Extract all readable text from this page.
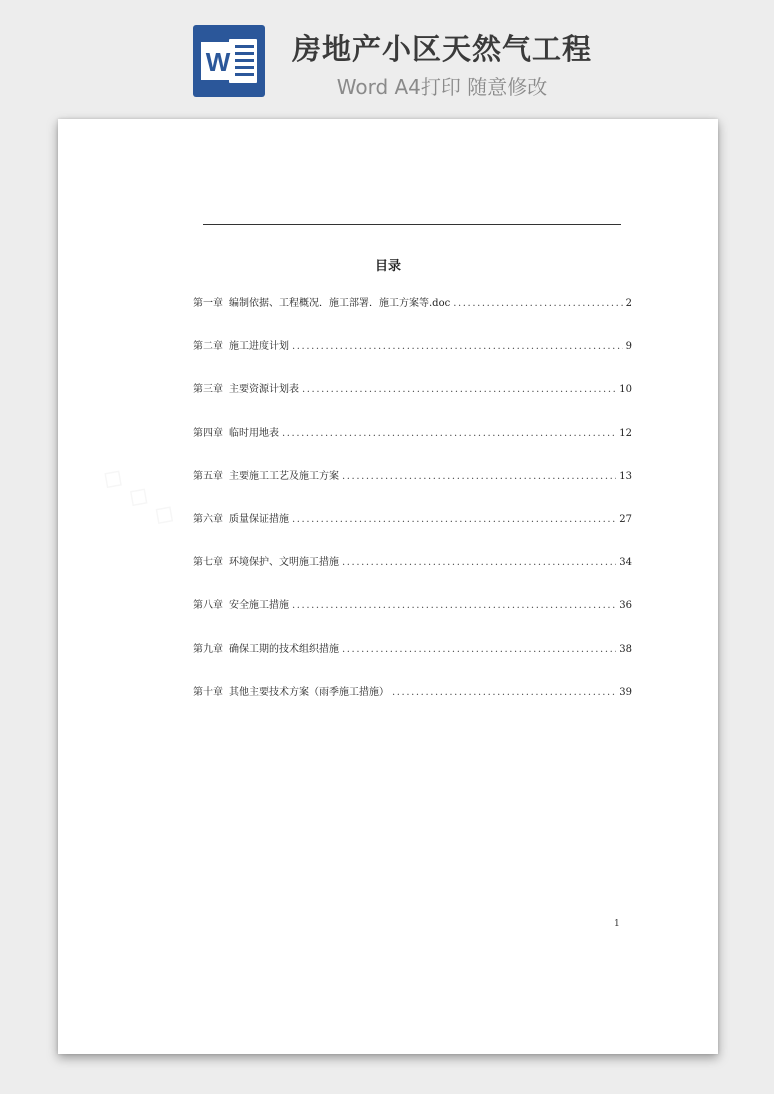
W	房地产小区天然气工程
Word A4打印 随意修改
目录
第一章 编制依据、工程概况．施工部署．施工方案等.doc .....	2
第二章 施工进度计划 .....	9
第三章 主要资源计划表 .....	10
第四章 临时用地表 .....	12
第五章 主要施工工艺及施工方案 .....	13
第六章 质量保证措施 .....	27
第七章 环境保护、文明施工措施 .....	34
第八章 安全施工措施 .....	36
第九章 确保工期的技术组织措施 .....	38
第十章 其他主要技术方案（雨季施工措施） .....	39
1
